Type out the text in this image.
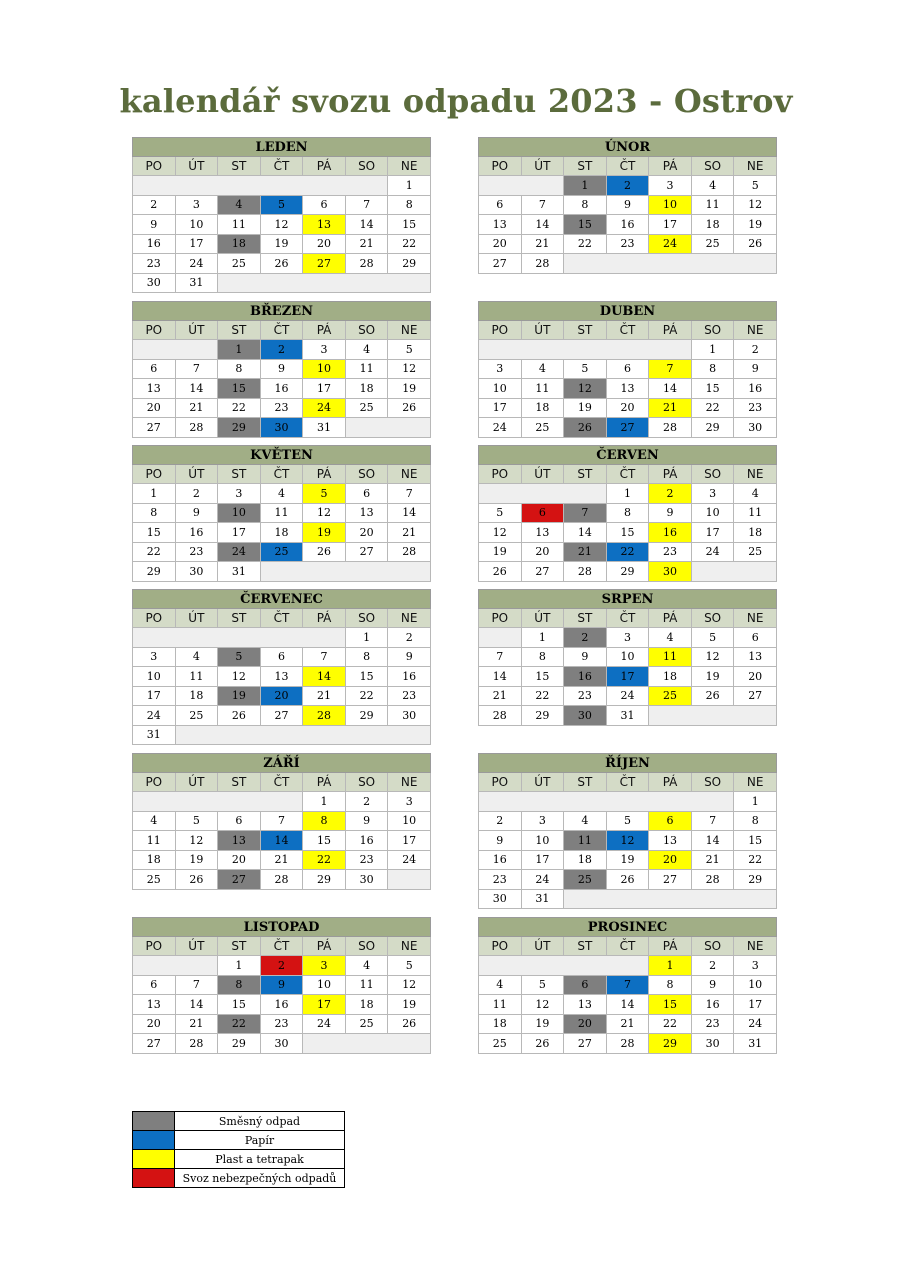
kalendář svozu odpadu 2023 - Ostrov
LEDEN						
PO	ÚT	ST	ČT	PÁ	SO	NE
						1
2	3	4	5	6	7	8
9	10	11	12	13	14	15
16	17	18	19	20	21	22
23	24	25	26	27	28	29
30	31					
ÚNOR						
PO	ÚT	ST	ČT	PÁ	SO	NE
		1	2	3	4	5
6	7	8	9	10	11	12
13	14	15	16	17	18	19
20	21	22	23	24	25	26
27	28					
BŘEZEN						
PO	ÚT	ST	ČT	PÁ	SO	NE
		1	2	3	4	5
6	7	8	9	10	11	12
13	14	15	16	17	18	19
20	21	22	23	24	25	26
27	28	29	30	31		
DUBEN						
PO	ÚT	ST	ČT	PÁ	SO	NE
					1	2
3	4	5	6	7	8	9
10	11	12	13	14	15	16
17	18	19	20	21	22	23
24	25	26	27	28	29	30
KVĚTEN						
PO	ÚT	ST	ČT	PÁ	SO	NE
1	2	3	4	5	6	7
8	9	10	11	12	13	14
15	16	17	18	19	20	21
22	23	24	25	26	27	28
29	30	31				
ČERVEN						
PO	ÚT	ST	ČT	PÁ	SO	NE
			1	2	3	4
5	6	7	8	9	10	11
12	13	14	15	16	17	18
19	20	21	22	23	24	25
26	27	28	29	30		
ČERVENEC						
PO	ÚT	ST	ČT	PÁ	SO	NE
					1	2
3	4	5	6	7	8	9
10	11	12	13	14	15	16
17	18	19	20	21	22	23
24	25	26	27	28	29	30
31						
SRPEN						
PO	ÚT	ST	ČT	PÁ	SO	NE
	1	2	3	4	5	6
7	8	9	10	11	12	13
14	15	16	17	18	19	20
21	22	23	24	25	26	27
28	29	30	31			
ZÁŘÍ						
PO	ÚT	ST	ČT	PÁ	SO	NE
				1	2	3
4	5	6	7	8	9	10
11	12	13	14	15	16	17
18	19	20	21	22	23	24
25	26	27	28	29	30	
ŘÍJEN						
PO	ÚT	ST	ČT	PÁ	SO	NE
						1
2	3	4	5	6	7	8
9	10	11	12	13	14	15
16	17	18	19	20	21	22
23	24	25	26	27	28	29
30	31					
LISTOPAD						
PO	ÚT	ST	ČT	PÁ	SO	NE
		1	2	3	4	5
6	7	8	9	10	11	12
13	14	15	16	17	18	19
20	21	22	23	24	25	26
27	28	29	30			
PROSINEC						
PO	ÚT	ST	ČT	PÁ	SO	NE
				1	2	3
4	5	6	7	8	9	10
11	12	13	14	15	16	17
18	19	20	21	22	23	24
25	26	27	28	29	30	31
	Směsný odpad
	Papír
	Plast a tetrapak
	Svoz nebezpečných odpadů
